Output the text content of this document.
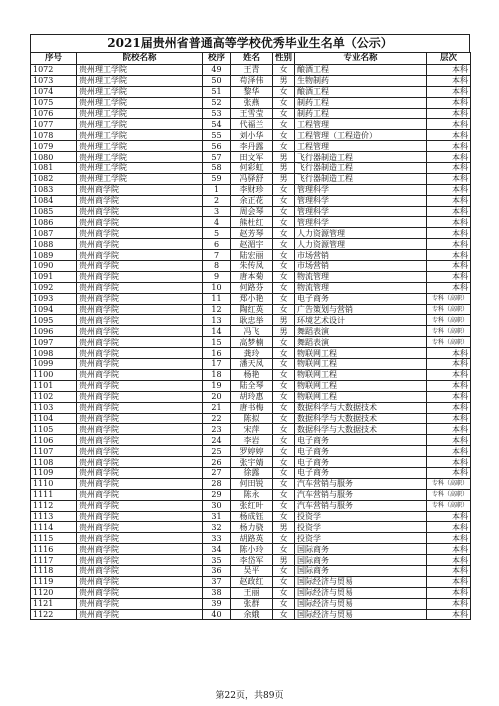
2021届贵州省普通高等学校优秀毕业生名单（公示）
序号	院校名称	校序	姓名	性别	专业名称	层次
1072	贵州理工学院	49	王青	女	酿酒工程	本科
1073	贵州理工学院	50	苟泽伟	男	生物制药	本科
1074	贵州理工学院	51	黎华	女	酿酒工程	本科
1075	贵州理工学院	52	张燕	女	制药工程	本科
1076	贵州理工学院	53	王雪莹	女	制药工程	本科
1077	贵州理工学院	54	代福兰	女	工程管理	本科
1078	贵州理工学院	55	刘小华	女	工程管理（工程造价）	本科
1079	贵州理工学院	56	李丹露	女	工程管理	本科
1080	贵州理工学院	57	田文军	男	飞行器制造工程	本科
1081	贵州理工学院	58	何彩虹	男	飞行器制造工程	本科
1082	贵州理工学院	59	冯驿舒	男	飞行器制造工程	本科
1083	贵州商学院	1	李财珍	女	管理科学	本科
1084	贵州商学院	2	余正花	女	管理科学	本科
1085	贵州商学院	3	周会琴	女	管理科学	本科
1086	贵州商学院	4	熊杜红	女	管理科学	本科
1087	贵州商学院	5	赵芳琴	女	人力资源管理	本科
1088	贵州商学院	6	赵湄宇	女	人力资源管理	本科
1089	贵州商学院	7	陆宏丽	女	市场营销	本科
1090	贵州商学院	8	朱传凤	女	市场营销	本科
1091	贵州商学院	9	唐本菊	女	物流管理	本科
1092	贵州商学院	10	何路芬	女	物流管理	本科
1093	贵州商学院	11	郑小艳	女	电子商务	专科（高职）
1094	贵州商学院	12	陶红英	女	广告策划与营销	专科（高职）
1095	贵州商学院	13	耿忠举	男	环境艺术设计	专科（高职）
1096	贵州商学院	14	冯飞	男	舞蹈表演	专科（高职）
1097	贵州商学院	15	高梦楠	女	舞蹈表演	专科（高职）
1098	贵州商学院	16	龚玲	女	物联网工程	本科
1099	贵州商学院	17	潘天凤	女	物联网工程	本科
1100	贵州商学院	18	杨艳	女	物联网工程	本科
1101	贵州商学院	19	陆全琴	女	物联网工程	本科
1102	贵州商学院	20	胡玲惠	女	物联网工程	本科
1103	贵州商学院	21	唐书梅	女	数据科学与大数据技术	本科
1104	贵州商学院	22	陈拟	女	数据科学与大数据技术	本科
1105	贵州商学院	23	宋萍	女	数据科学与大数据技术	本科
1106	贵州商学院	24	李岩	女	电子商务	本科
1107	贵州商学院	25	罗婷婷	女	电子商务	本科
1108	贵州商学院	26	张宇婧	女	电子商务	本科
1109	贵州商学院	27	徐露	女	电子商务	本科
1110	贵州商学院	28	何田锐	女	汽车营销与服务	专科（高职）
1111	贵州商学院	29	陈永	女	汽车营销与服务	专科（高职）
1112	贵州商学院	30	张红叶	女	汽车营销与服务	专科（高职）
1113	贵州商学院	31	杨成钰	女	投资学	本科
1114	贵州商学院	32	杨力骁	男	投资学	本科
1115	贵州商学院	33	胡路英	女	投资学	本科
1116	贵州商学院	34	陈小玲	女	国际商务	本科
1117	贵州商学院	35	李岱军	男	国际商务	本科
1118	贵州商学院	36	吴平	女	国际商务	本科
1119	贵州商学院	37	赵政红	女	国际经济与贸易	本科
1120	贵州商学院	38	王丽	女	国际经济与贸易	本科
1121	贵州商学院	39	张群	女	国际经济与贸易	本科
1122	贵州商学院	40	余娥	女	国际经济与贸易	本科
第22页，共89页
